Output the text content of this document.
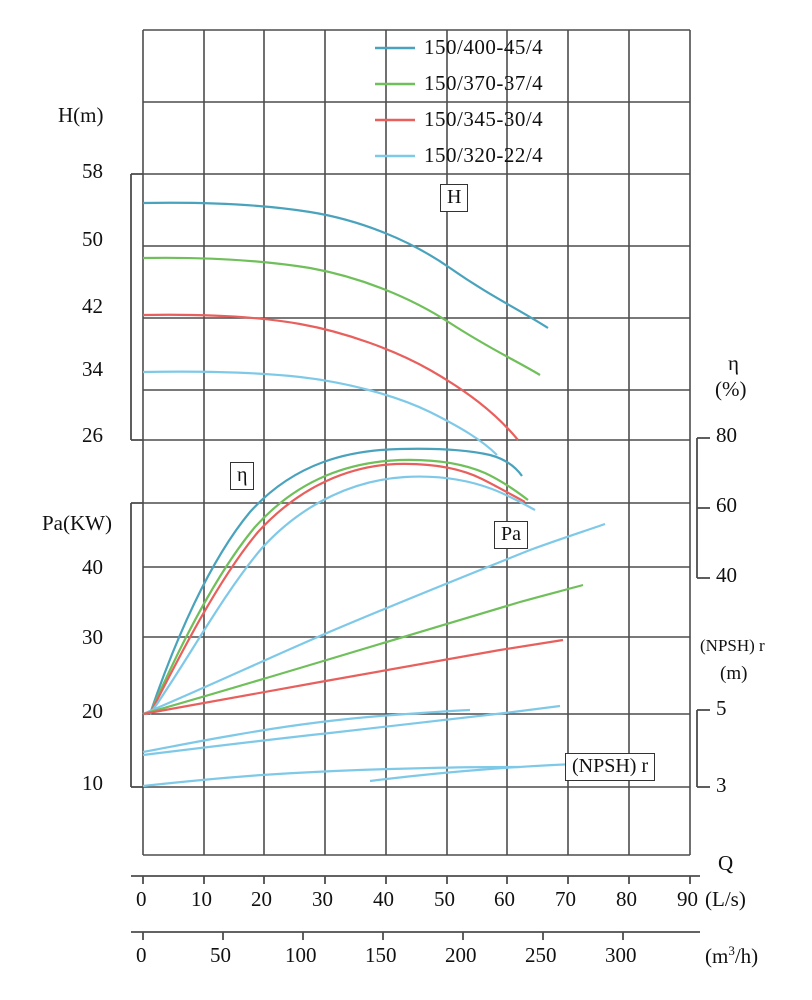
150/400-45/4
150/370-37/4
150/345-30/4
150/320-22/4
H(m)
Pa(KW)
η
(%)
(NPSH) r
(m)
58
50
42
34
26
40
30
20
10
80
60
40
5
3
H
η
Pa
(NPSH) r
0 10 20 30 40 50 60 70 80 90
0	50	100 150 200 250 300
Q
(L/s)
$(m^3/h)$
